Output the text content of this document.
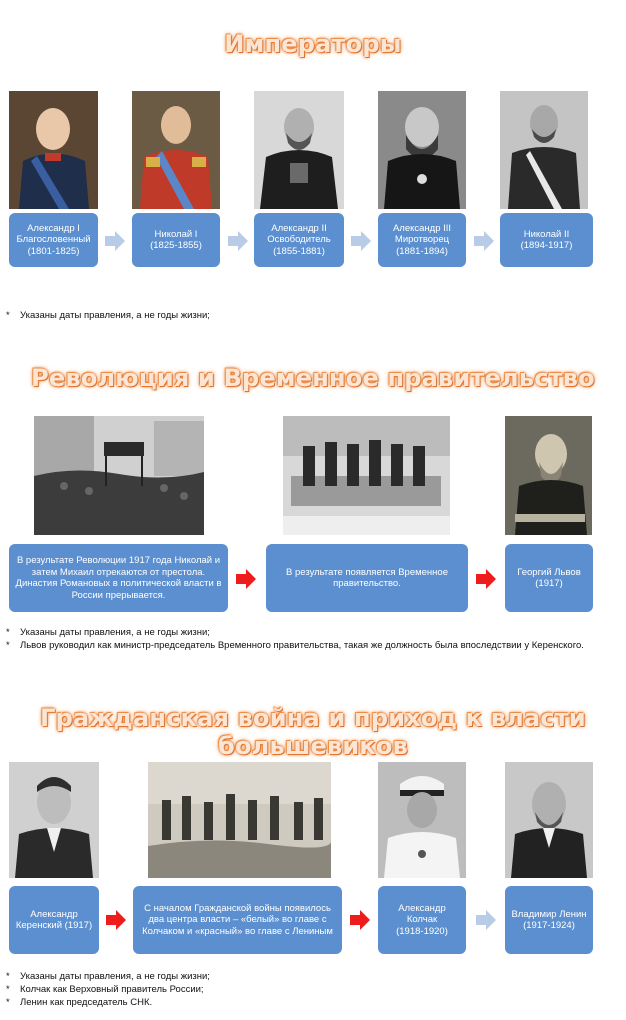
Императоры
Александр I
Благословенный
(1801-1825)
Николай I
(1825-1855)
Александр II
Освободитель
(1855-1881)
Александр III
Миротворец
(1881-1894)
Николай II
(1894-1917)
* Указаны даты правления, а не годы жизни;
Революция и Временное правительство
В результате Революции 1917 года Николай и затем Михаил отрекаются от престола. Династия Романовых в политической власти в России прерывается.
В результате появляется Временное правительство.
Георгий Львов
(1917)
* Указаны даты правления, а не годы жизни;
* Львов руководил как министр-председатель Временного правительства, такая же должность была впоследствии у Керенского.
Гражданская война и приход к власти большевиков
Александр
Керенский (1917)
С началом Гражданской войны появилось два центра власти – «белый» во главе с Колчаком и «красный» во главе с Лениным
Александр Колчак
(1918-1920)
Владимир Ленин
(1917-1924)
* Указаны даты правления, а не годы жизни;
* Колчак как Верховный правитель России;
* Ленин как председатель СНК.
